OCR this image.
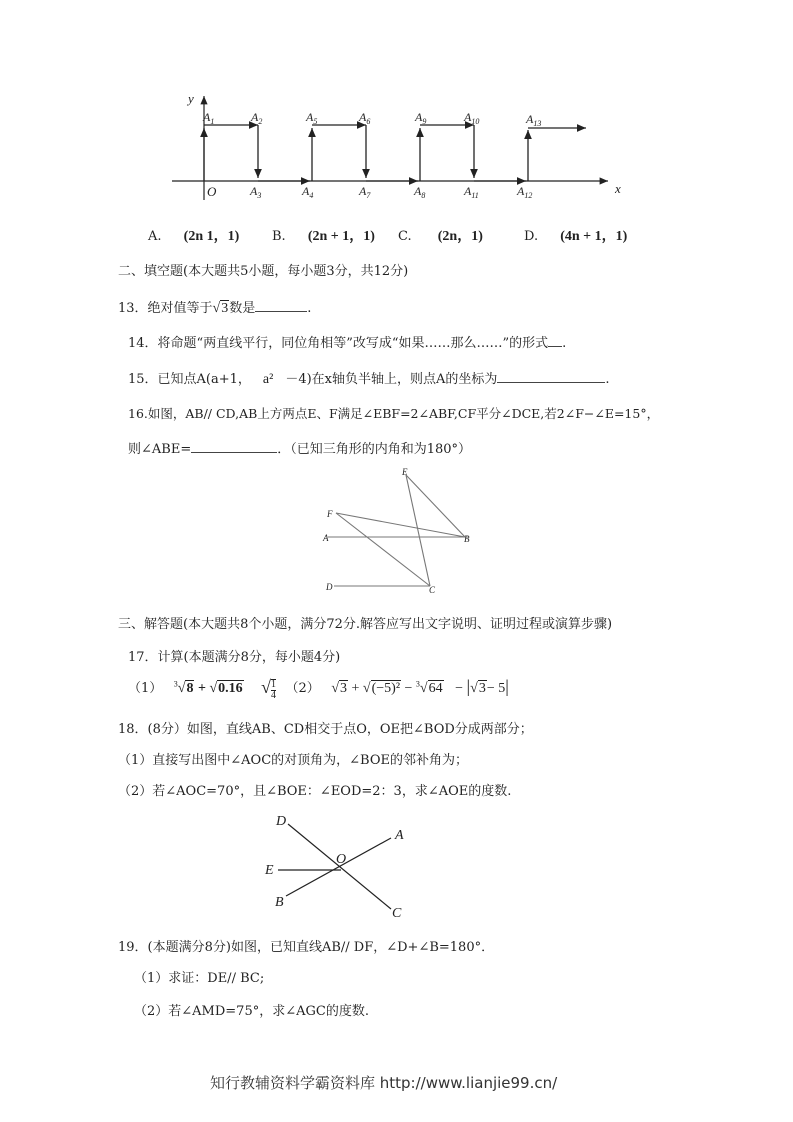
y
x
O
$A_1$	$A_2$	$A_5$	$A_6$	$A_9$	$A_{10}$	$A_{13}$
$A_3$	$A_4$	$A_7$	$A_8$	$A_{11}$	$A_{12}$
A. (2n 1，1)	B. (2n + 1，1) C. (2n，1)	D. (4n + 1，1)
二、填空题(本大题共5小题，每小题3分，共12分)
13．绝对值等于√3数是	.
14．将命题“两直线平行，同位角相等”改写成“如果……那么……”的形式 .
15．已知点A(a+1， a² －4)在x轴负半轴上，则点A的坐标为	.
16.如图，AB// CD,AB上方两点E、F满足∠EBF=2∠ABF,CF平分∠DCE,若2∠F−∠E=15°，
则∠ABE=	．（已知三角形的内角和为180°）
E
F
A	B
D	C
三、解答题(本大题共8个小题，满分72分.解答应写出文字说明、证明过程或演算步骤)
17．计算(本题满分8分，每小题4分)
（1） $^3$√8 + √0.16 √ $\frac{1}{4} (2) √3 + √(-5)^2 - ^3√64 - |√3- 5|$
18．(8分）如图，直线AB、CD相交于点O，OE把∠BOD分成两部分；
（1）直接写出图中∠AOC的对顶角为，∠BOE的邻补角为；
（2）若∠AOC=70°，且∠BOE：∠EOD=2：3，求∠AOE的度数.
D
A
O
E
B
C
19．(本题满分8分)如图，已知直线AB// DF，∠D+∠B=180°．
（1）求证：DE// BC;
（2）若∠AMD=75°，求∠AGC的度数.
知行教辅资料学霸资料库 http://www.lianjie99.cn/
